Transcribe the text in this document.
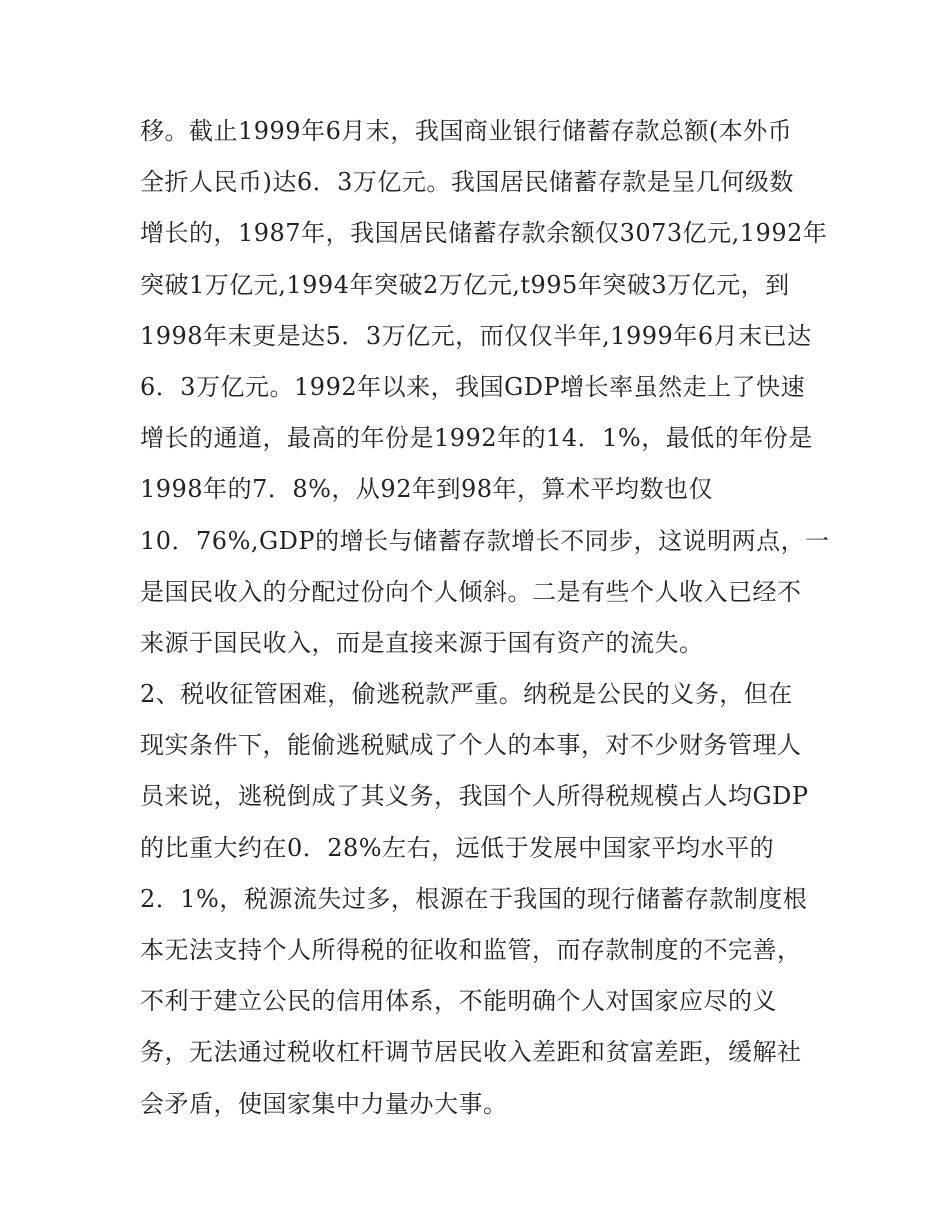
移。截止1999年6月末，我国商业银行储蓄存款总额(本外币
全折人民币)达6．3万亿元。我国居民储蓄存款是呈几何级数
增长的，1987年，我国居民储蓄存款余额仅3073亿元,1992年
突破1万亿元,1994年突破2万亿元,t995年突破3万亿元，到
1998年末更是达5．3万亿元，而仅仅半年,1999年6月末已达
6．3万亿元。1992年以来，我国GDP增长率虽然走上了快速
增长的通道，最高的年份是1992年的14．1%，最低的年份是
1998年的7．8%，从92年到98年，算术平均数也仅
10．76%,GDP的增长与储蓄存款增长不同步，这说明两点，一
是国民收入的分配过份向个人倾斜。二是有些个人收入已经不
来源于国民收入，而是直接来源于国有资产的流失。
2、税收征管困难，偷逃税款严重。纳税是公民的义务，但在
现实条件下，能偷逃税赋成了个人的本事，对不少财务管理人
员来说，逃税倒成了其义务，我国个人所得税规模占人均GDP
的比重大约在0．28%左右，远低于发展中国家平均水平的
2．1%，税源流失过多，根源在于我国的现行储蓄存款制度根
本无法支持个人所得税的征收和监管，而存款制度的不完善，
不利于建立公民的信用体系，不能明确个人对国家应尽的义
务，无法通过税收杠杆调节居民收入差距和贫富差距，缓解社
会矛盾，使国家集中力量办大事。
